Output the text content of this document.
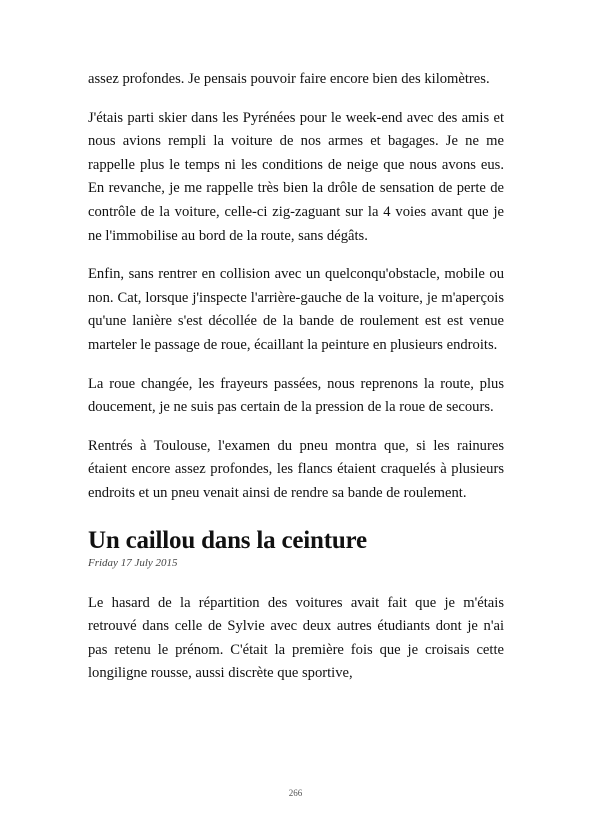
assez profondes. Je pensais pouvoir faire encore bien des kilomètres.

J'étais parti skier dans les Pyrénées pour le week-end avec des amis et nous avions rempli la voiture de nos armes et bagages. Je ne me rappelle plus le temps ni les conditions de neige que nous avons eus. En revanche, je me rappelle très bien la drôle de sensation de perte de contrôle de la voiture, celle-ci zig-zaguant sur la 4 voies avant que je ne l'immobilise au bord de la route, sans dégâts.

Enfin, sans rentrer en collision avec un quelconqu'obstacle, mobile ou non. Cat, lorsque j'inspecte l'arrière-gauche de la voiture, je m'aperçois qu'une lanière s'est décollée de la bande de roulement est est venue marteler le passage de roue, écaillant la peinture en plusieurs endroits.

La roue changée, les frayeurs passées, nous reprenons la route, plus doucement, je ne suis pas certain de la pression de la roue de secours.

Rentrés à Toulouse, l'examen du pneu montra que, si les rainures étaient encore assez profondes, les flancs étaient craquelés à plusieurs endroits et un pneu venait ainsi de rendre sa bande de roulement.

Un caillou dans la ceinture
Friday 17 July 2015

Le hasard de la répartition des voitures avait fait que je m'étais retrouvé dans celle de Sylvie avec deux autres étudiants dont je n'ai pas retenu le prénom. C'était la première fois que je croisais cette longiligne rousse, aussi discrète que sportive,

266
